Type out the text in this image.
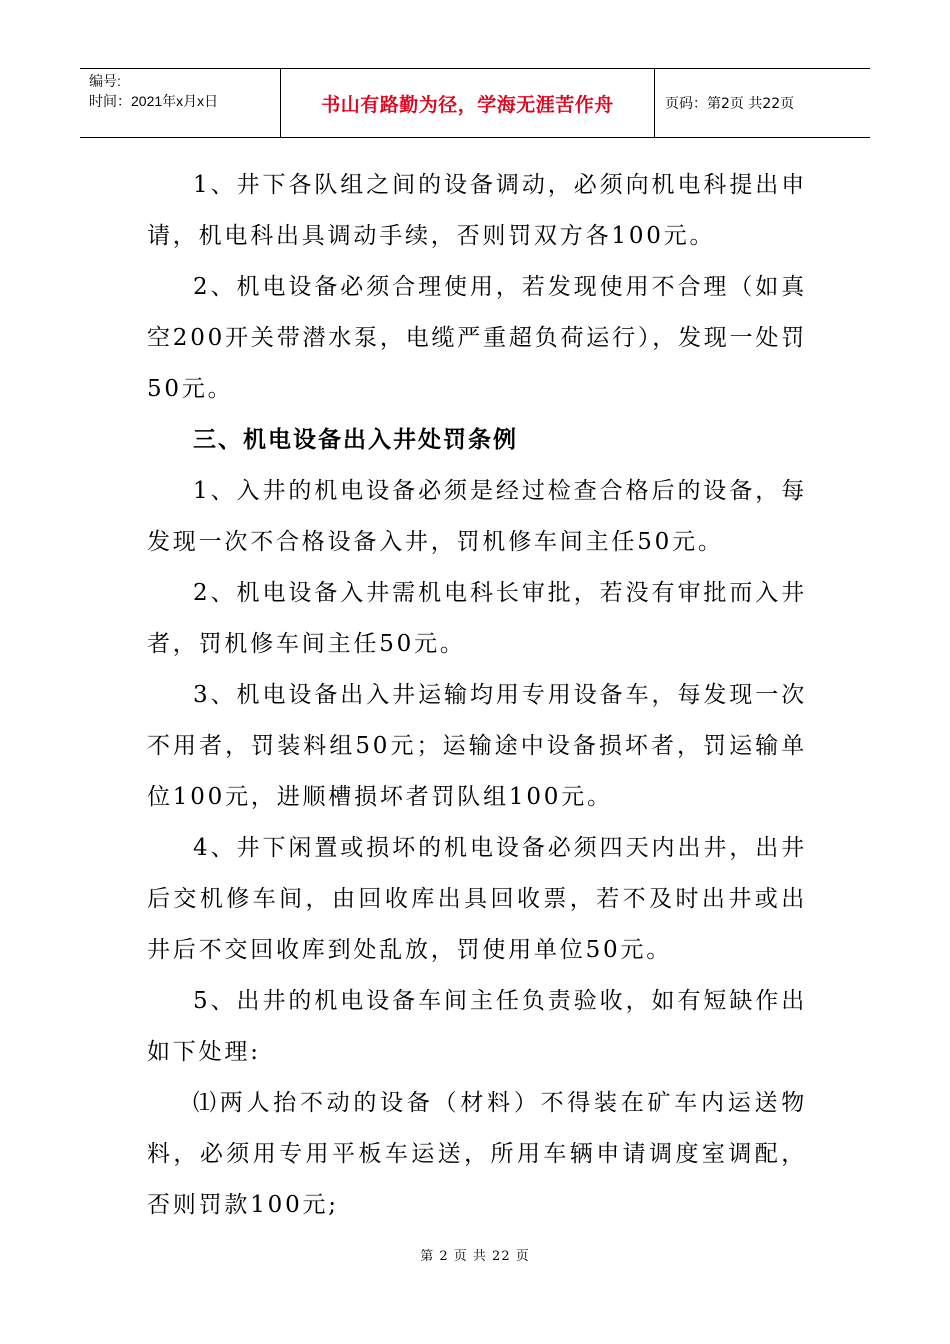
编号:
时间：2021年x月x日	书山有路勤为径，学海无涯苦作舟	页码：第2页 共22页

1、井下各队组之间的设备调动，必须向机电科提出申请，机电科出具调动手续，否则罚双方各100元。

2、机电设备必须合理使用，若发现使用不合理（如真空200开关带潜水泵，电缆严重超负荷运行），发现一处罚50元。

三、机电设备出入井处罚条例

1、入井的机电设备必须是经过检查合格后的设备，每发现一次不合格设备入井，罚机修车间主任50元。

2、机电设备入井需机电科长审批，若没有审批而入井者，罚机修车间主任50元。

3、机电设备出入井运输均用专用设备车，每发现一次不用者，罚装料组50元；运输途中设备损坏者，罚运输单位100元，进顺槽损坏者罚队组100元。

4、井下闲置或损坏的机电设备必须四天内出井，出井后交机修车间，由回收库出具回收票，若不及时出井或出井后不交回收库到处乱放，罚使用单位50元。

5、出井的机电设备车间主任负责验收，如有短缺作出如下处理:

⑴两人抬不动的设备（材料）不得装在矿车内运送物料，必须用专用平板车运送，所用车辆申请调度室调配，否则罚款100元;

第 2 页 共 22 页
